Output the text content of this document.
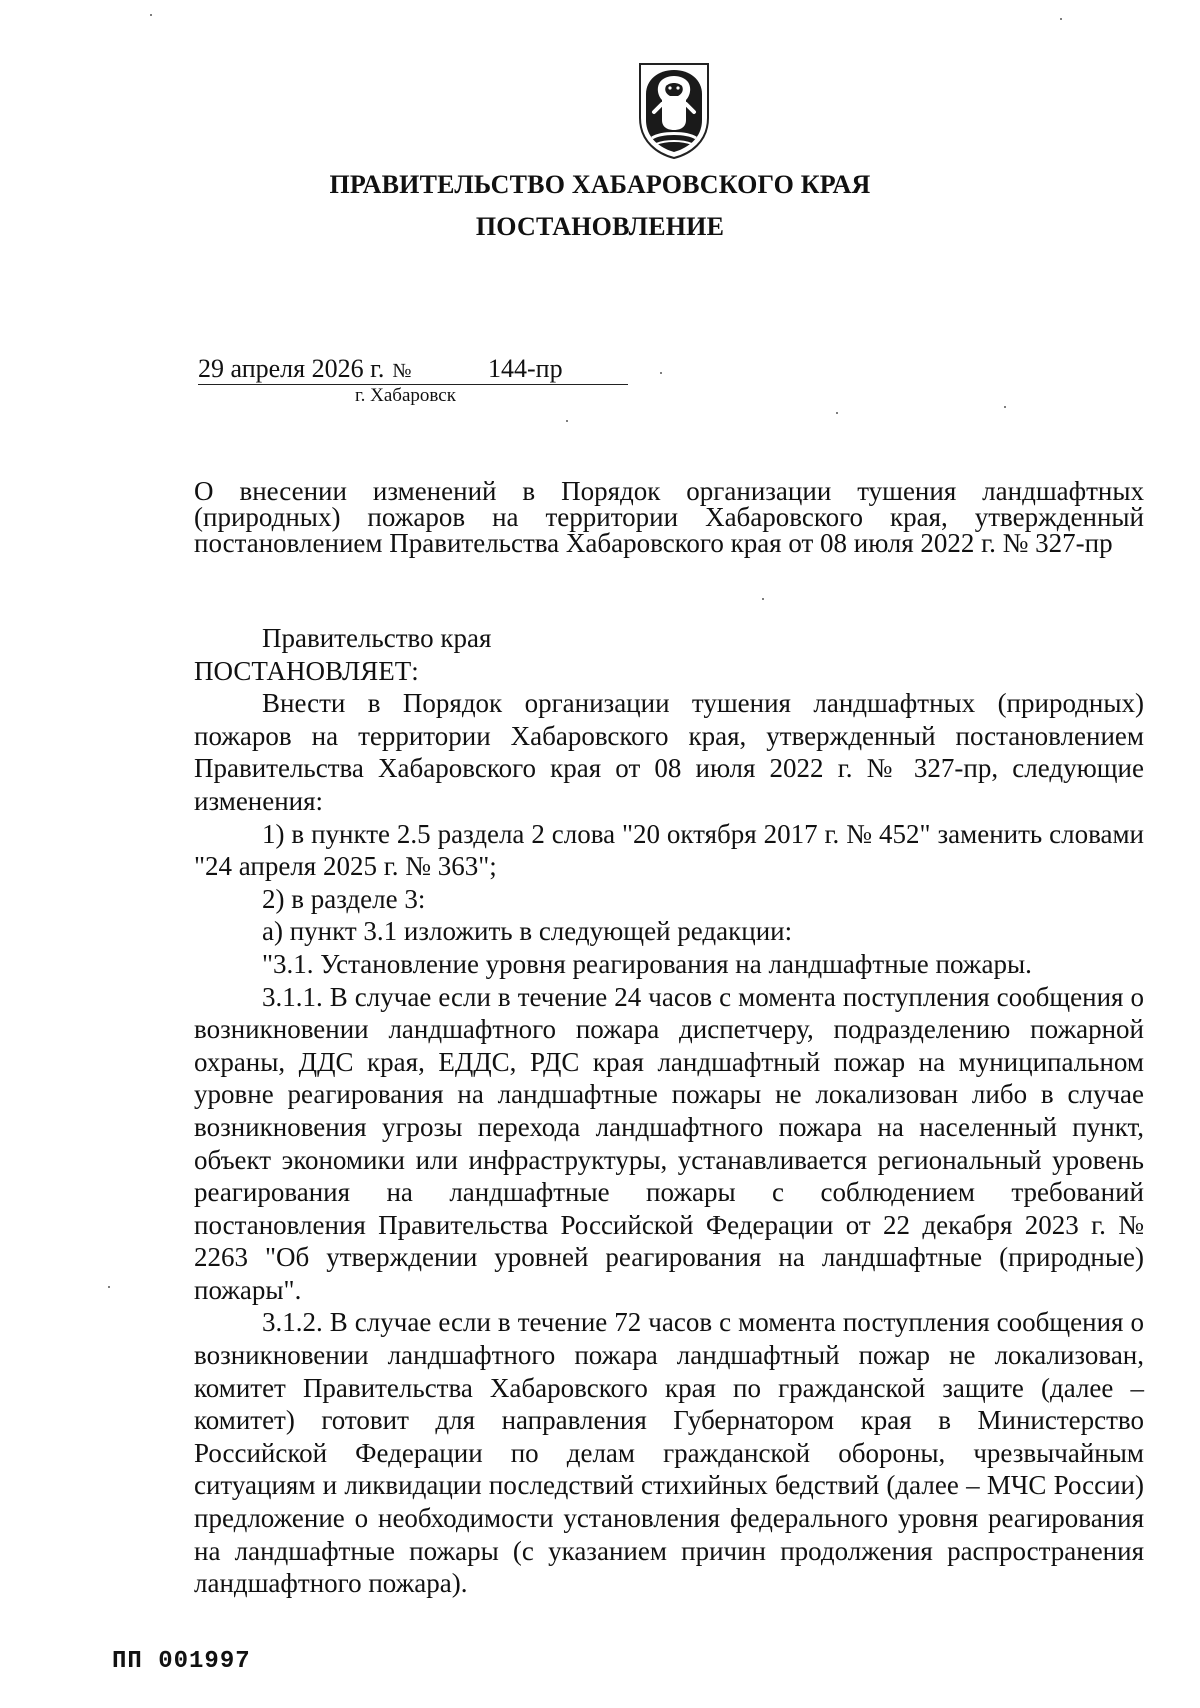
ПРАВИТЕЛЬСТВО ХАБАРОВСКОГО КРАЯ
ПОСТАНОВЛЕНИЕ
29 апреля 2026 г. №	144-пр
г. Хабаровск
О внесении изменений в Порядок организации тушения ландшафтных (природных) пожаров на территории Хабаровского края, утвержденный постановлением Правительства Хабаровского края от 08 июля 2022 г. № 327-пр

Правительство края

ПОСТАНОВЛЯЕТ:

Внести в Порядок организации тушения ландшафтных (природных) пожаров на территории Хабаровского края, утвержденный постановлением Правительства Хабаровского края от 08 июля 2022 г. № 327-пр, следующие изменения:

1) в пункте 2.5 раздела 2 слова "20 октября 2017 г. № 452" заменить словами "24 апреля 2025 г. № 363";

2) в разделе 3:

а) пункт 3.1 изложить в следующей редакции:

"3.1. Установление уровня реагирования на ландшафтные пожары.

3.1.1. В случае если в течение 24 часов с момента поступления сообщения о возникновении ландшафтного пожара диспетчеру, подразделению пожарной охраны, ДДС края, ЕДДС, РДС края ландшафтный пожар на муниципальном уровне реагирования на ландшафтные пожары не локализован либо в случае возникновения угрозы перехода ландшафтного пожара на населенный пункт, объект экономики или инфраструктуры, устанавливается региональный уровень реагирования на ландшафтные пожары с соблюдением требований постановления Правительства Российской Федерации от 22 декабря 2023 г. № 2263 "Об утверждении уровней реагирования на ландшафтные (природные) пожары".

3.1.2. В случае если в течение 72 часов с момента поступления сообщения о возникновении ландшафтного пожара ландшафтный пожар не локализован, комитет Правительства Хабаровского края по гражданской защите (далее – комитет) готовит для направления Губернатором края в Министерство Российской Федерации по делам гражданской обороны, чрезвычайным ситуациям и ликвидации последствий стихийных бедствий (далее – МЧС России) предложение о необходимости установления федерального уровня реагирования на ландшафтные пожары (с указанием причин продолжения распространения ландшафтного пожара).

ПП 001997
